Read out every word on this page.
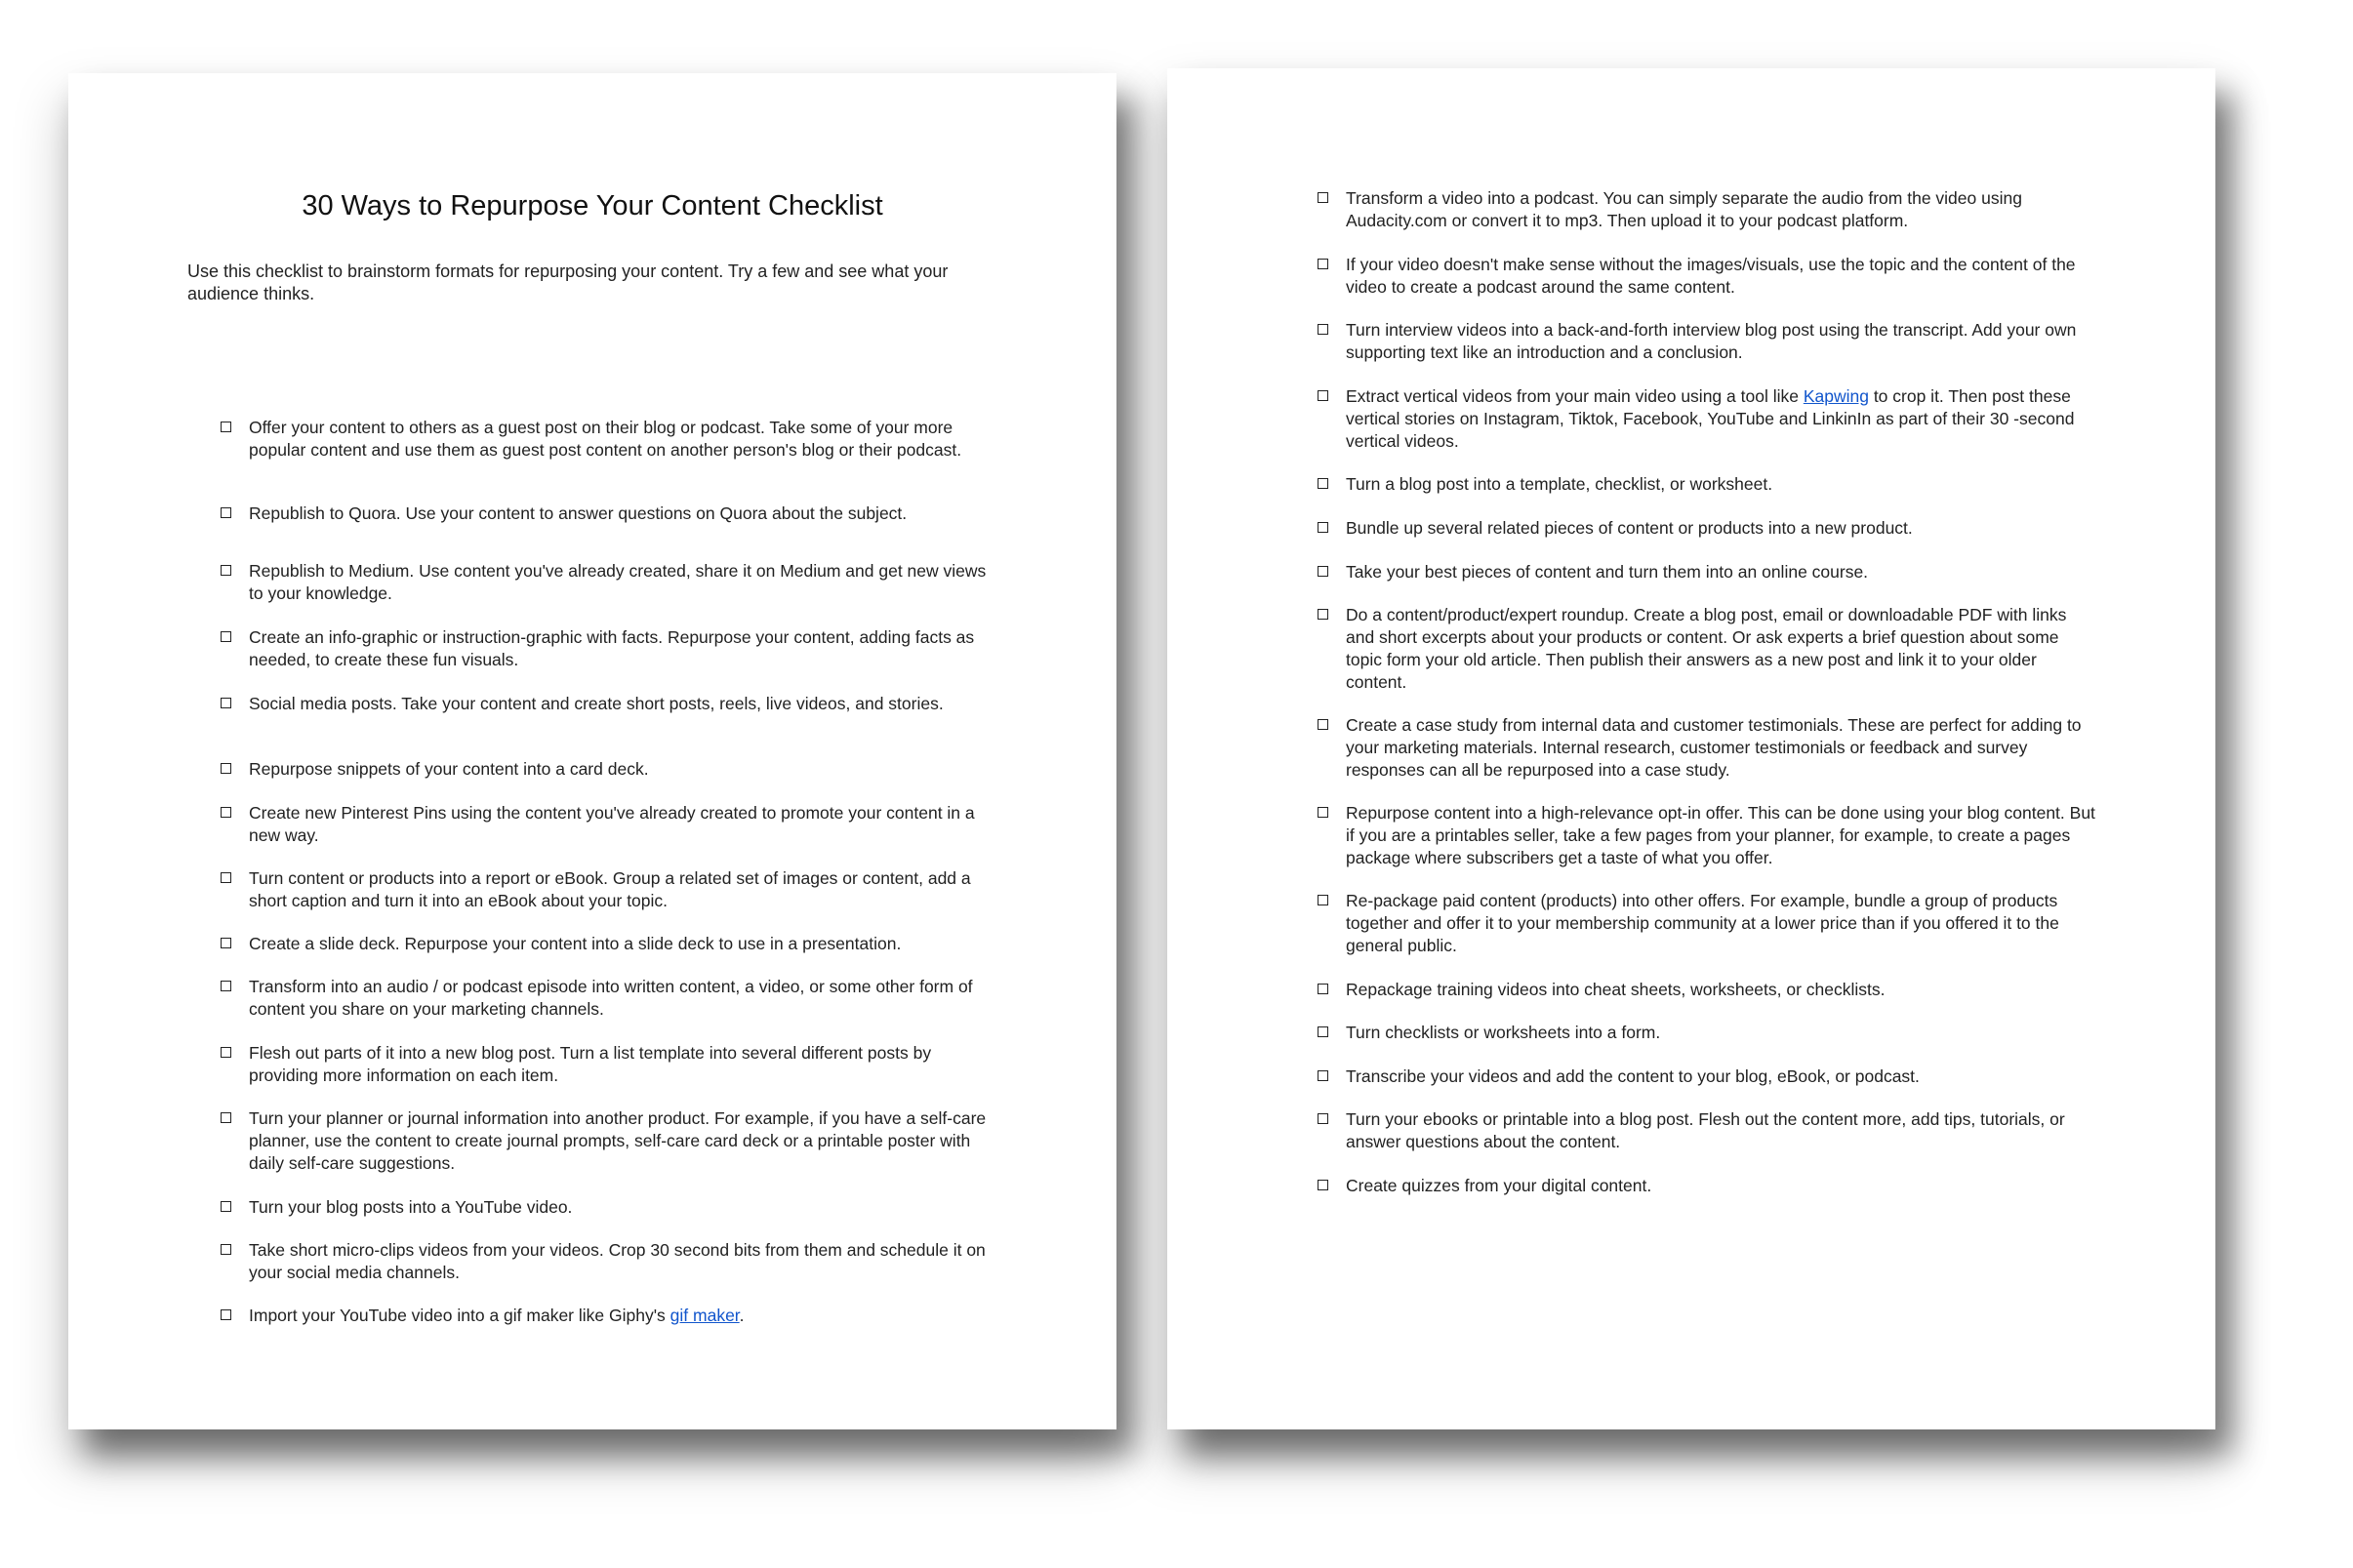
30 Ways to Repurpose Your Content Checklist

Use this checklist to brainstorm formats for repurposing your content. Try a few and see what your audience thinks.

Offer your content to others as a guest post on their blog or podcast. Take some of your more popular content and use them as guest post content on another person's blog or their podcast.
Republish to Quora. Use your content to answer questions on Quora about the subject.
Republish to Medium. Use content you've already created, share it on Medium and get new views to your knowledge.
Create an info-graphic or instruction-graphic with facts. Repurpose your content, adding facts as needed, to create these fun visuals.
Social media posts. Take your content and create short posts, reels, live videos, and stories.
Repurpose snippets of your content into a card deck.
Create new Pinterest Pins using the content you've already created to promote your content in a new way.
Turn content or products into a report or eBook. Group a related set of images or content, add a short caption and turn it into an eBook about your topic.
Create a slide deck. Repurpose your content into a slide deck to use in a presentation.
Transform into an audio / or podcast episode into written content, a video, or some other form of content you share on your marketing channels.
Flesh out parts of it into a new blog post. Turn a list template into several different posts by providing more information on each item.
Turn your planner or journal information into another product. For example, if you have a self-care planner, use the content to create journal prompts, self-care card deck or a printable poster with daily self-care suggestions.
Turn your blog posts into a YouTube video.
Take short micro-clips videos from your videos. Crop 30 second bits from them and schedule it on your social media channels.
Import your YouTube video into a gif maker like Giphy's gif maker.
Transform a video into a podcast. You can simply separate the audio from the video using Audacity.com or convert it to mp3. Then upload it to your podcast platform.
If your video doesn't make sense without the images/visuals, use the topic and the content of the video to create a podcast around the same content.
Turn interview videos into a back-and-forth interview blog post using the transcript. Add your own supporting text like an introduction and a conclusion.
Extract vertical videos from your main video using a tool like Kapwing to crop it. Then post these vertical stories on Instagram, Tiktok, Facebook, YouTube and LinkinIn as part of their 30 -second vertical videos.
Turn a blog post into a template, checklist, or worksheet.
Bundle up several related pieces of content or products into a new product.
Take your best pieces of content and turn them into an online course.
Do a content/product/expert roundup. Create a blog post, email or downloadable PDF with links and short excerpts about your products or content. Or ask experts a brief question about some topic form your old article. Then publish their answers as a new post and link it to your older content.
Create a case study from internal data and customer testimonials. These are perfect for adding to your marketing materials. Internal research, customer testimonials or feedback and survey responses can all be repurposed into a case study.
Repurpose content into a high-relevance opt-in offer. This can be done using your blog content. But if you are a printables seller, take a few pages from your planner, for example, to create a pages package where subscribers get a taste of what you offer.
Re-package paid content (products) into other offers. For example, bundle a group of products together and offer it to your membership community at a lower price than if you offered it to the general public.
Repackage training videos into cheat sheets, worksheets, or checklists.
Turn checklists or worksheets into a form.
Transcribe your videos and add the content to your blog, eBook, or podcast.
Turn your ebooks or printable into a blog post. Flesh out the content more, add tips, tutorials, or answer questions about the content.
Create quizzes from your digital content.
